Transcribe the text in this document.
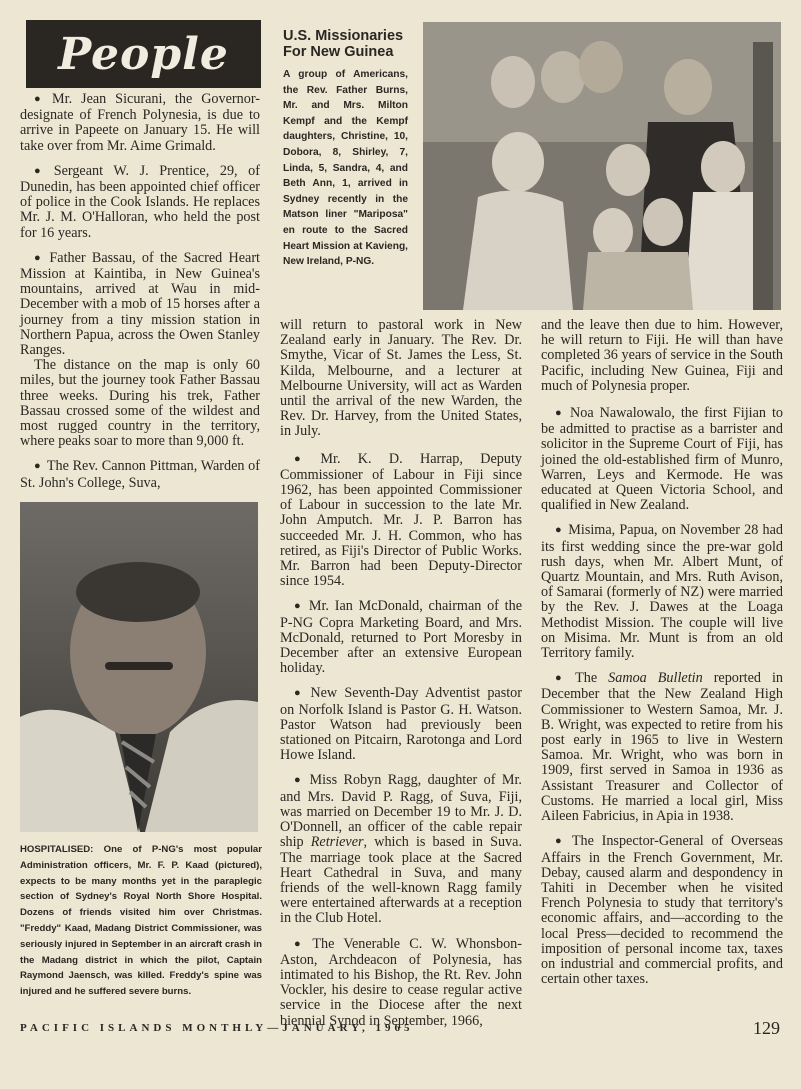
People

● Mr. Jean Sicurani, the Governor-designate of French Polynesia, is due to arrive in Papeete on January 15. He will take over from Mr. Aime Grimald.

● Sergeant W. J. Prentice, 29, of Dunedin, has been appointed chief officer of police in the Cook Islands. He replaces Mr. J. M. O'Halloran, who held the post for 16 years.

● Father Bassau, of the Sacred Heart Mission at Kaintiba, in New Guinea's mountains, arrived at Wau in mid-December with a mob of 15 horses after a journey from a tiny mission station in Northern Papua, across the Owen Stanley Ranges.

The distance on the map is only 60 miles, but the journey took Father Bassau three weeks. During his trek, Father Bassau crossed some of the wildest and most rugged country in the territory, where peaks soar to more than 9,000 ft.

● The Rev. Cannon Pittman, Warden of St. John's College, Suva,

HOSPITALISED: One of P-NG's most popular Administration officers, Mr. F. P. Kaad (pictured), expects to be many months yet in the paraplegic section of Sydney's Royal North Shore Hospital. Dozens of friends visited him over Christmas. "Freddy" Kaad, Madang District Commissioner, was seriously injured in September in an aircraft crash in the Madang district in which the pilot, Captain Raymond Jaensch, was killed. Freddy's spine was injured and he suffered severe burns.
U.S. Missionaries For New Guinea
A group of Americans, the Rev. Father Burns, Mr. and Mrs. Milton Kempf and the Kempf daughters, Christine, 10, Dobora, 8, Shirley, 7, Linda, 5, Sandra, 4, and Beth Ann, 1, arrived in Sydney recently in the Matson liner "Mariposa" en route to the Sacred Heart Mission at Kavieng, New Ireland, P-NG.

will return to pastoral work in New Zealand early in January. The Rev. Dr. Smythe, Vicar of St. James the Less, St. Kilda, Melbourne, and a lecturer at Melbourne University, will act as Warden until the arrival of the new Warden, the Rev. Dr. Harvey, from the United States, in July.

● Mr. K. D. Harrap, Deputy Commissioner of Labour in Fiji since 1962, has been appointed Commissioner of Labour in succession to the late Mr. John Amputch. Mr. J. P. Barron has succeeded Mr. J. H. Common, who has retired, as Fiji's Director of Public Works. Mr. Barron had been Deputy-Director since 1954.

● Mr. Ian McDonald, chairman of the P-NG Copra Marketing Board, and Mrs. McDonald, returned to Port Moresby in December after an extensive European holiday.

● New Seventh-Day Adventist pastor on Norfolk Island is Pastor G. H. Watson. Pastor Watson had previously been stationed on Pitcairn, Rarotonga and Lord Howe Island.

● Miss Robyn Ragg, daughter of Mr. and Mrs. David P. Ragg, of Suva, Fiji, was married on December 19 to Mr. J. D. O'Donnell, an officer of the cable repair ship Retriever, which is based in Suva. The marriage took place at the Sacred Heart Cathedral in Suva, and many friends of the well-known Ragg family were entertained afterwards at a reception in the Club Hotel.

● The Venerable C. W. Whonsbon-Aston, Archdeacon of Polynesia, has intimated to his Bishop, the Rt. Rev. John Vockler, his desire to cease regular active service in the Diocese after the next biennial Synod in September, 1966,

and the leave then due to him. However, he will return to Fiji. He will than have completed 36 years of service in the South Pacific, including New Guinea, Fiji and much of Polynesia proper.

● Noa Nawalowalo, the first Fijian to be admitted to practise as a barrister and solicitor in the Supreme Court of Fiji, has joined the old-established firm of Munro, Warren, Leys and Kermode. He was educated at Queen Victoria School, and qualified in New Zealand.

● Misima, Papua, on November 28 had its first wedding since the pre-war gold rush days, when Mr. Albert Munt, of Quartz Mountain, and Mrs. Ruth Avison, of Samarai (formerly of NZ) were married by the Rev. J. Dawes at the Loaga Methodist Mission. The couple will live on Misima. Mr. Munt is from an old Territory family.

● The Samoa Bulletin reported in December that the New Zealand High Commissioner to Western Samoa, Mr. J. B. Wright, was expected to retire from his post early in 1965 to live in Western Samoa. Mr. Wright, who was born in 1909, first served in Samoa in 1936 as Assistant Treasurer and Collector of Customs. He married a local girl, Miss Aileen Fabricius, in Apia in 1938.

● The Inspector-General of Overseas Affairs in the French Government, Mr. Debay, caused alarm and despondency in Tahiti in December when he visited French Polynesia to study that territory's economic affairs, and—according to the local Press—decided to recommend the imposition of personal income tax, taxes on industrial and commercial profits, and certain other taxes.

PACIFIC ISLANDS MONTHLY—JANUARY, 1965	129
